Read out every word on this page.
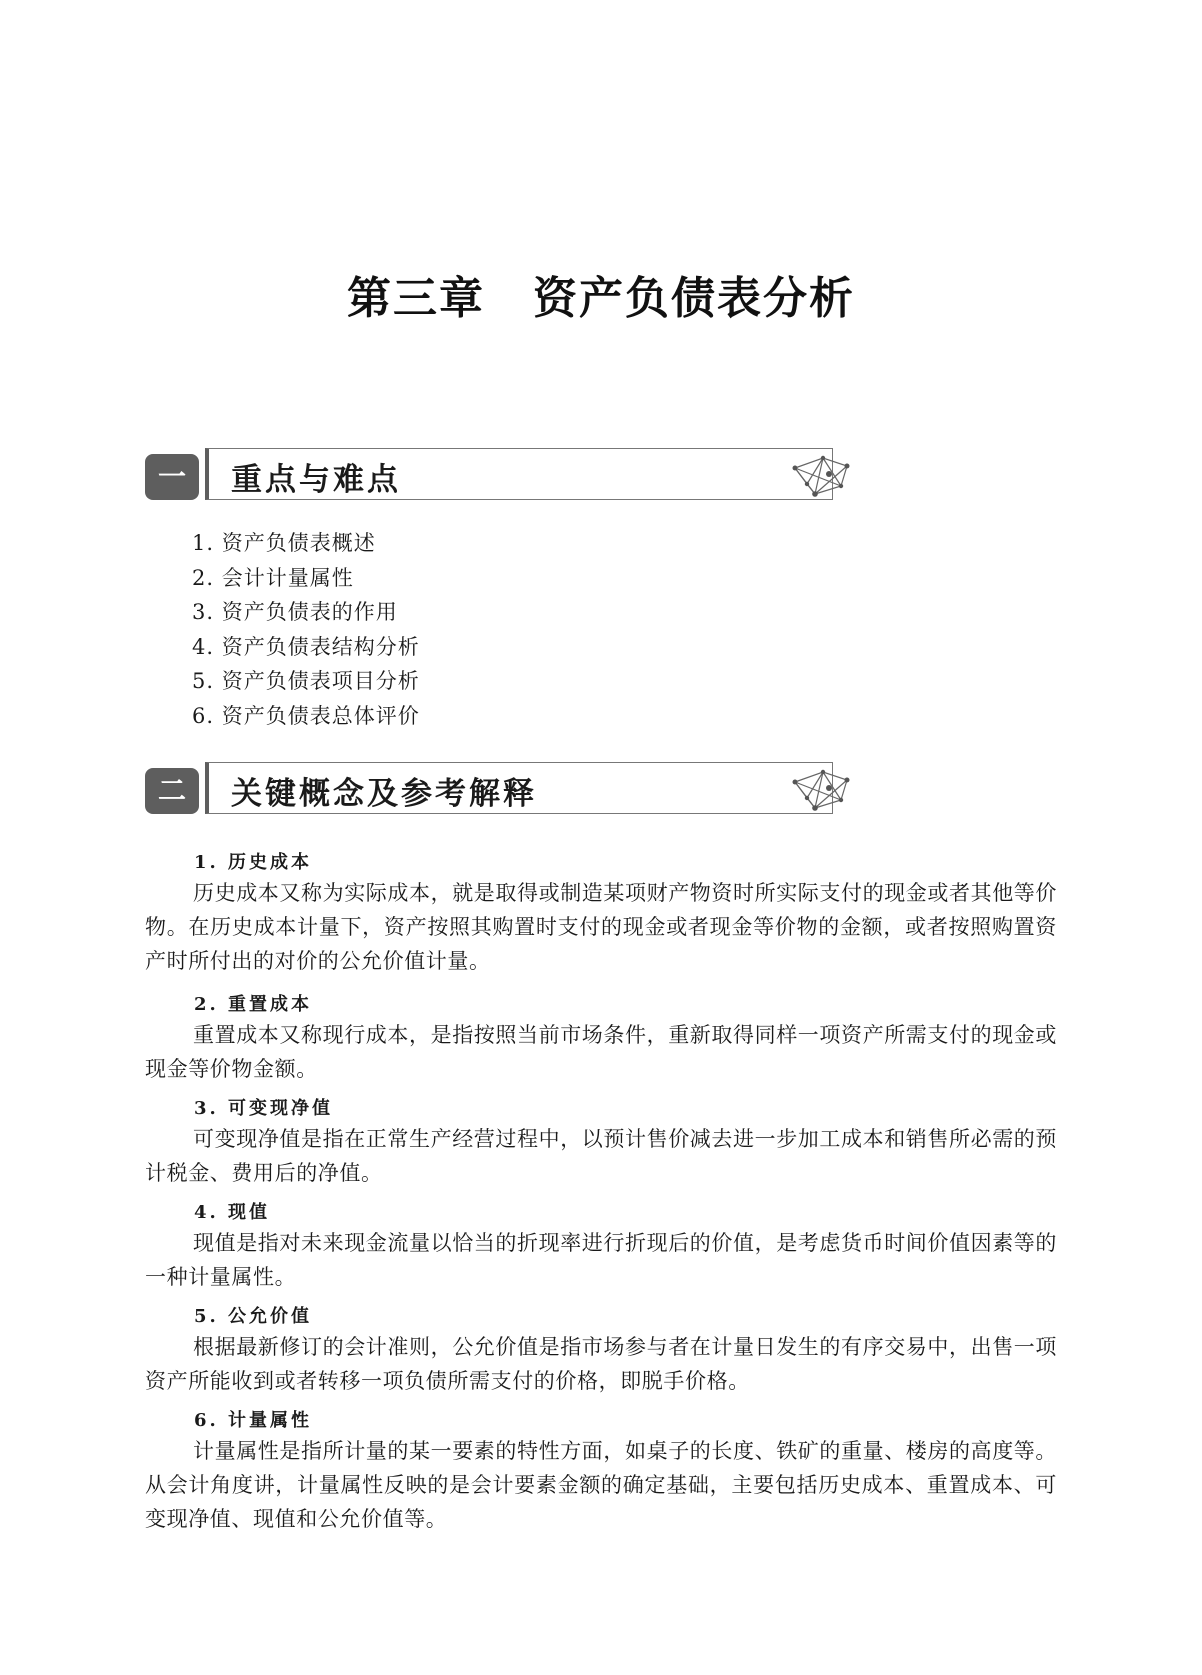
第三章 资产负债表分析
一	重点与难点
1. 资产负债表概述
2. 会计计量属性
3. 资产负债表的作用
4. 资产负债表结构分析
5. 资产负债表项目分析
6. 资产负债表总体评价
二	关键概念及参考解释
1. 历史成本

历史成本又称为实际成本，就是取得或制造某项财产物资时所实际支付的现金或者其他等价物。在历史成本计量下，资产按照其购置时支付的现金或者现金等价物的金额，或者按照购置资产时所付出的对价的公允价值计量。

2. 重置成本

重置成本又称现行成本，是指按照当前市场条件，重新取得同样一项资产所需支付的现金或现金等价物金额。

3. 可变现净值

可变现净值是指在正常生产经营过程中，以预计售价减去进一步加工成本和销售所必需的预计税金、费用后的净值。

4. 现值

现值是指对未来现金流量以恰当的折现率进行折现后的价值，是考虑货币时间价值因素等的一种计量属性。

5. 公允价值

根据最新修订的会计准则，公允价值是指市场参与者在计量日发生的有序交易中，出售一项资产所能收到或者转移一项负债所需支付的价格，即脱手价格。

6. 计量属性

计量属性是指所计量的某一要素的特性方面，如桌子的长度、铁矿的重量、楼房的高度等。从会计角度讲，计量属性反映的是会计要素金额的确定基础，主要包括历史成本、重置成本、可变现净值、现值和公允价值等。
